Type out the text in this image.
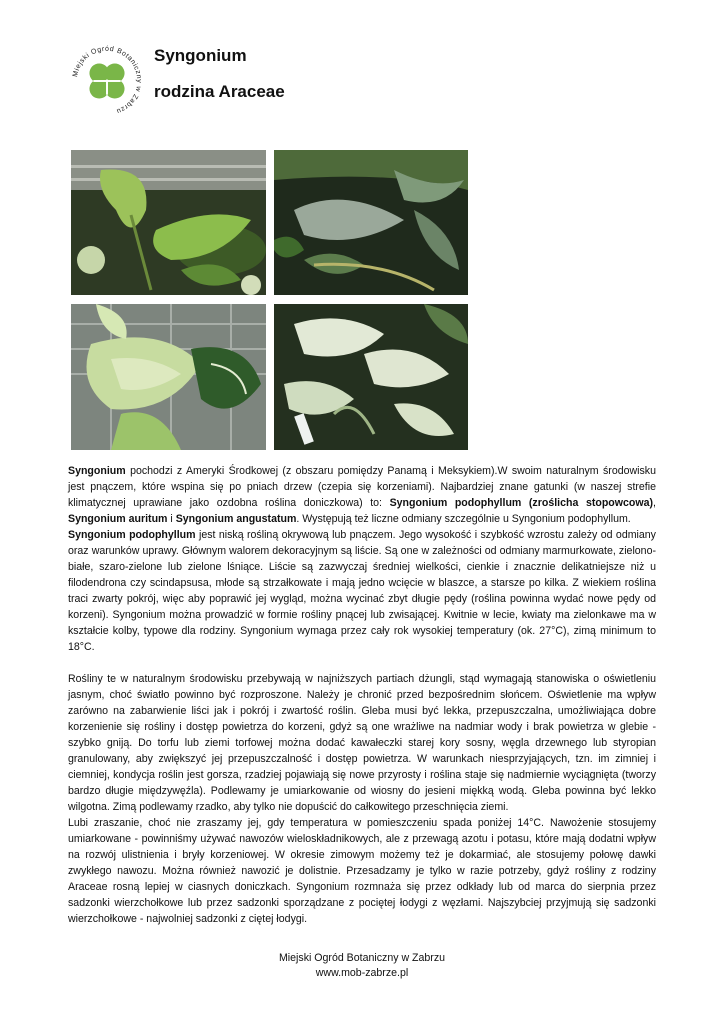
Miejski Ogród Botaniczny w Zabrzu
Syngonium
rodzina Araceae

Syngonium pochodzi z Ameryki Środkowej (z obszaru pomiędzy Panamą i Meksykiem).W swoim naturalnym środowisku jest pnączem, które wspina się po pniach drzew (czepia się korzeniami). Najbardziej znane gatunki (w naszej strefie klimatycznej uprawiane jako ozdobna roślina doniczkowa) to: Syngonium podophyllum (zroślicha stopowcowa), Syngonium auritum i Syngonium angustatum. Występują też liczne odmiany szczególnie u Syngonium podophyllum.

Syngonium podophyllum jest niską rośliną okrywową lub pnączem. Jego wysokość i szybkość wzrostu zależy od odmiany oraz warunków uprawy. Głównym walorem dekoracyjnym są liście. Są one w zależności od odmiany marmurkowate, zielono-białe, szaro-zielone lub zielone lśniące. Liście są zazwyczaj średniej wielkości, cienkie i znacznie delikatniejsze niż u filodendrona czy scindapsusa, młode są strzałkowate i mają jedno wcięcie w blaszce, a starsze po kilka. Z wiekiem roślina traci zwarty pokrój, więc aby poprawić jej wygląd, można wycinać zbyt długie pędy (roślina powinna wydać nowe pędy od korzeni). Syngonium można prowadzić w formie rośliny pnącej lub zwisającej. Kwitnie w lecie, kwiaty ma zielonkawe ma w kształcie kolby, typowe dla rodziny. Syngonium wymaga przez cały rok wysokiej temperatury (ok. 27°C), zimą minimum to 18°C.

Rośliny te w naturalnym środowisku przebywają w najniższych partiach dżungli, stąd wymagają stanowiska o oświetleniu jasnym, choć światło powinno być rozproszone. Należy je chronić przed bezpośrednim słońcem. Oświetlenie ma wpływ zarówno na zabarwienie liści jak i pokrój i zwartość roślin. Gleba musi być lekka, przepuszczalna, umożliwiająca dobre korzenienie się rośliny i dostęp powietrza do korzeni, gdyż są one wrażliwe na nadmiar wody i brak powietrza w glebie - szybko gniją. Do torfu lub ziemi torfowej można dodać kawałeczki starej kory sosny, węgla drzewnego lub styropian granulowany, aby zwiększyć jej przepuszczalność i dostęp powietrza. W warunkach niesprzyjających, tzn. im zimniej i ciemniej, kondycja roślin jest gorsza, rzadziej pojawiają się nowe przyrosty i roślina staje się nadmiernie wyciągnięta (tworzy bardzo długie międzywęźla). Podlewamy je umiarkowanie od wiosny do jesieni miękką wodą. Gleba powinna być lekko wilgotna. Zimą podlewamy rzadko, aby tylko nie dopuścić do całkowitego przeschnięcia ziemi.

Lubi zraszanie, choć nie zraszamy jej, gdy temperatura w pomieszczeniu spada poniżej 14°C. Nawożenie stosujemy umiarkowane - powinniśmy używać nawozów wieloskładnikowych, ale z przewagą azotu i potasu, które mają dodatni wpływ na rozwój ulistnienia i bryły korzeniowej. W okresie zimowym możemy też je dokarmiać, ale stosujemy połowę dawki zwykłego nawozu. Można również nawozić je dolistnie. Przesadzamy je tylko w razie potrzeby, gdyż rośliny z rodziny Araceae rosną lepiej w ciasnych doniczkach. Syngonium rozmnaża się przez odkłady lub od marca do sierpnia przez sadzonki wierzchołkowe lub przez sadzonki sporządzane z pociętej łodygi z węzłami. Najszybciej przyjmują się sadzonki wierzchołkowe - najwolniej sadzonki z ciętej łodygi.

Miejski Ogród Botaniczny w Zabrzu
www.mob-zabrze.pl
